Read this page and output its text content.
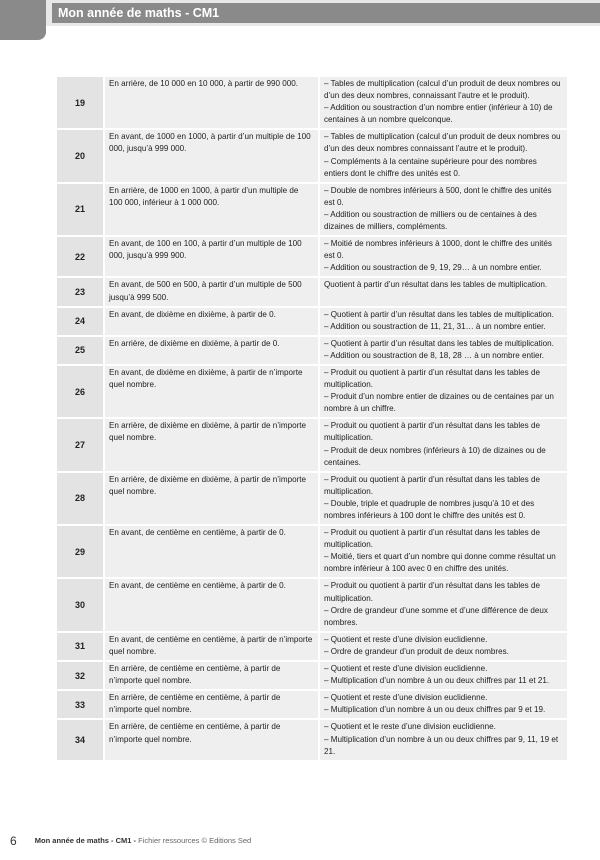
Mon année de maths - CM1
19	En arrière, de 10 000 en 10 000, à partir de 990 000.	– Tables de multiplication (calcul d’un produit de deux nombres ou d’un des deux nombres, connaissant l’autre et le produit).
– Addition ou soustraction d’un nombre entier (inférieur à 10) de centaines à un nombre quelconque.

20	En avant, de 1000 en 1000, à partir d’un multiple de 100 000, jusqu’à 999 000.	– Tables de multiplication (calcul d’un produit de deux nombres ou d’un des deux nombres connaissant l’autre et le produit).
– Compléments à la centaine supérieure pour des nombres entiers dont le chiffre des unités est 0.

21	En arrière, de 1000 en 1000, à partir d’un multiple de 100 000, inférieur à 1 000 000.	– Double de nombres inférieurs à 500, dont le chiffre des unités est 0.
– Addition ou soustraction de milliers ou de centaines à des dizaines de milliers, compléments.

22	En avant, de 100 en 100, à partir d’un multiple de 100 000, jusqu’à 999 900.	– Moitié de nombres inférieurs à 1000, dont le chiffre des unités est 0.
– Addition ou soustraction de 9, 19, 29… à un nombre entier.

23	En avant, de 500 en 500, à partir d’un multiple de 500 jusqu’à 999 500.	Quotient à partir d’un résultat dans les tables de multiplication.

24	En avant, de dixième en dixième, à partir de 0.	– Quotient à partir d’un résultat dans les tables de multiplication.
– Addition ou soustraction de 11, 21, 31… à un nombre entier.

25	En arrière, de dixième en dixième, à partir de 0.	– Quotient à partir d’un résultat dans les tables de multiplication.
– Addition ou soustraction de 8, 18, 28 … à un nombre entier.

26	En avant, de dixième en dixième, à partir de n’importe quel nombre.	– Produit ou quotient à partir d’un résultat dans les tables de multiplication.
– Produit d’un nombre entier de dizaines ou de centaines par un nombre à un chiffre.

27	En arrière, de dixième en dixième, à partir de n’importe quel nombre.	– Produit ou quotient à partir d’un résultat dans les tables de multiplication.
– Produit de deux nombres (inférieurs à 10) de dizaines ou de centaines.

28	En arrière, de dixième en dixième, à partir de n’importe quel nombre.	– Produit ou quotient à partir d’un résultat dans les tables de multiplication.
– Double, triple et quadruple de nombres jusqu’à 10 et des nombres inférieurs à 100 dont le chiffre des unités est 0.

29	En avant, de centième en centième, à partir de 0.	– Produit ou quotient à partir d’un résultat dans les tables de multiplication.
– Moitié, tiers et quart d’un nombre qui donne comme résultat un nombre inférieur à 100 avec 0 en chiffre des unités.

30	En avant, de centième en centième, à partir de 0.	– Produit ou quotient à partir d’un résultat dans les tables de multiplication.
– Ordre de grandeur d’une somme et d’une différence de deux nombres.

31	En avant, de centième en centième, à partir de n’importe quel nombre.	– Quotient et reste d’une division euclidienne.
– Ordre de grandeur d’un produit de deux nombres.

32	En arrière, de centième en centième, à partir de n’importe quel nombre.	– Quotient et reste d’une division euclidienne.
– Multiplication d’un nombre à un ou deux chiffres par 11 et 21.

33	En arrière, de centième en centième, à partir de n’importe quel nombre.	– Quotient et reste d’une division euclidienne.
– Multiplication d’un nombre à un ou deux chiffres par 9 et 19.

34	En arrière, de centième en centième, à partir de n’importe quel nombre.	– Quotient et le reste d’une division euclidienne.
– Multiplication d’un nombre à un ou deux chiffres par 9, 11, 19 et 21.
6 Mon année de maths - CM1 - Fichier ressources © Editions Sed
